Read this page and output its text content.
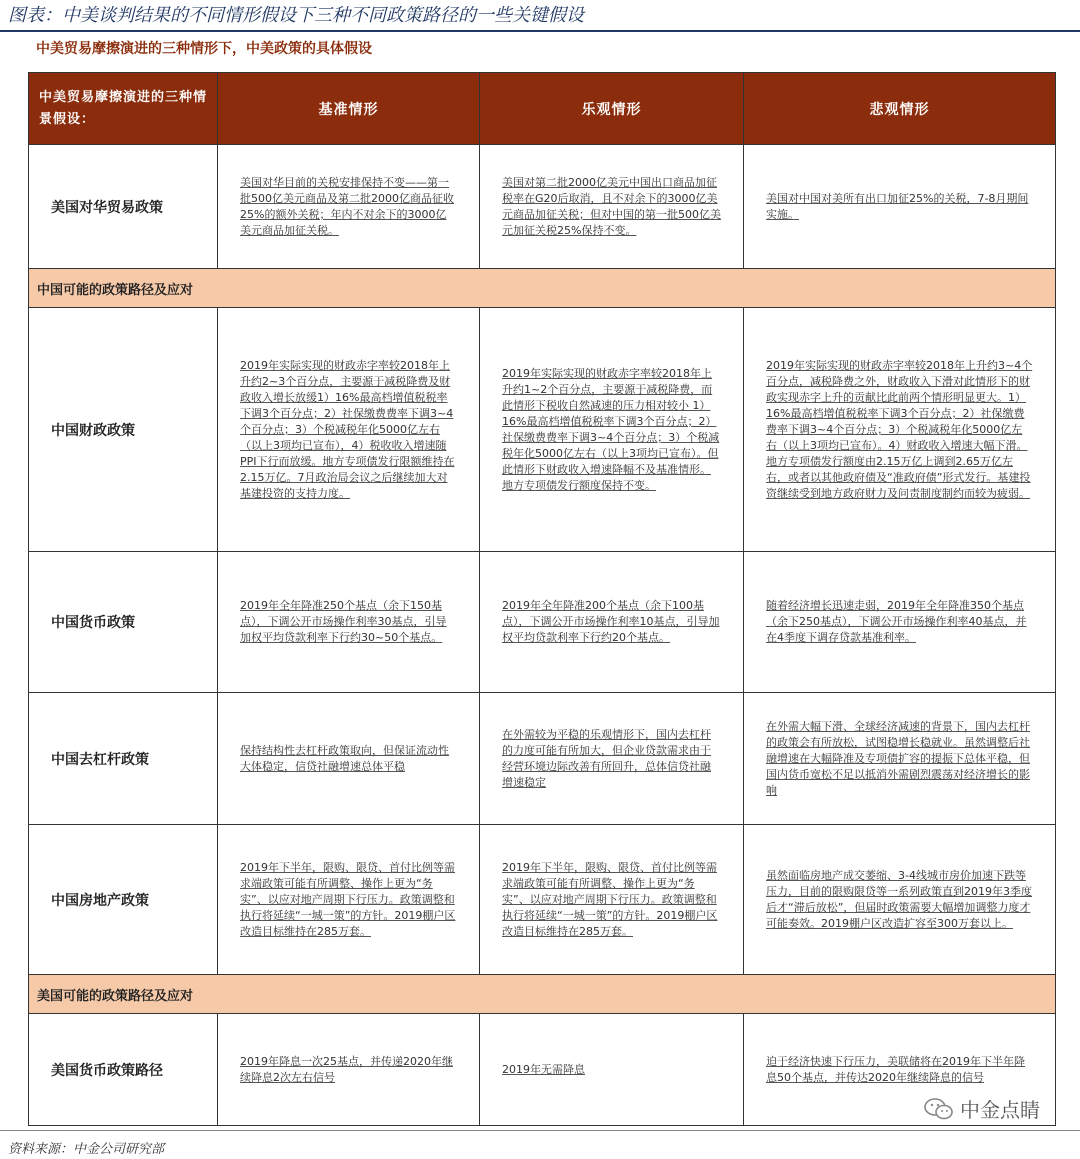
图表：中美谈判结果的不同情形假设下三种不同政策路径的一些关键假设
中美贸易摩擦演进的三种情形下，中美政策的具体假设
中美贸易摩擦演进的三种情景假设：	基准情形	乐观情形	悲观情形
美国对华贸易政策	美国对华目前的关税安排保持不变——第一批500亿美元商品及第二批2000亿商品征收25%的额外关税；年内不对余下的3000亿美元商品加征关税。	美国对第二批2000亿美元中国出口商品加征税率在G20后取消，且不对余下的3000亿美元商品加征关税；但对中国的第一批500亿美元加征关税25%保持不变。	美国对中国对美所有出口加征25%的关税，7-8月期间实施。
中国可能的政策路径及应对			
中国财政政策	2019年实际实现的财政赤字率较2018年上升约2~3个百分点，主要源于减税降费及财政收入增长放缓1）16%最高档增值税税率下调3个百分点；2）社保缴费费率下调3~4个百分点；3）个税减税年化5000亿左右（以上3项均已宣布），4）税收收入增速随PPI下行而放缓。地方专项债发行限额维持在2.15万亿。7月政治局会议之后继续加大对基建投资的支持力度。	2019年实际实现的财政赤字率较2018年上升约1~2个百分点，主要源于减税降费，而此情形下税收自然减速的压力相对较小 1）16%最高档增值税税率下调3个百分点；2）社保缴费费率下调3~4个百分点；3）个税减税年化5000亿左右（以上3项均已宣布）。但此情形下财政收入增速降幅不及基准情形。地方专项债发行额度保持不变。	2019年实际实现的财政赤字率较2018年上升约3~4个百分点，减税降费之外，财政收入下滑对此情形下的财政实现赤字上升的贡献比此前两个情形明显更大。1）16%最高档增值税税率下调3个百分点；2）社保缴费费率下调3~4个百分点；3）个税减税年化5000亿左右（以上3项均已宣布）。4）财政收入增速大幅下滑。地方专项债发行额度由2.15万亿上调到2.65万亿左右，或者以其他政府债及“准政府债”形式发行。基建投资继续受到地方政府财力及问责制度制约而较为疲弱。
中国货币政策	2019年全年降准250个基点（余下150基点），下调公开市场操作利率30基点，引导加权平均贷款利率下行约30~50个基点。	2019年全年降准200个基点（余下100基点），下调公开市场操作利率10基点，引导加权平均贷款利率下行约20个基点。	随着经济增长迅速走弱，2019年全年降准350个基点（余下250基点），下调公开市场操作利率40基点，并在4季度下调存贷款基准利率。
中国去杠杆政策	保持结构性去杠杆政策取向，但保证流动性大体稳定，信贷社融增速总体平稳	在外需较为平稳的乐观情形下，国内去杠杆的力度可能有所加大，但企业贷款需求由于经营环境边际改善有所回升，总体信贷社融增速稳定	在外需大幅下滑、全球经济减速的背景下，国内去杠杆的政策会有所放松，试图稳增长稳就业。虽然调整后社融增速在大幅降准及专项债扩容的提振下总体平稳，但国内货币宽松不足以抵消外需剧烈震荡对经济增长的影响
中国房地产政策	2019年下半年，限购、限贷、首付比例等需求端政策可能有所调整、操作上更为“务实”、以应对地产周期下行压力。政策调整和执行将延续“一城一策”的方针。2019棚户区改造目标维持在285万套。	2019年下半年，限购、限贷、首付比例等需求端政策可能有所调整、操作上更为“务实”、以应对地产周期下行压力。政策调整和执行将延续“一城一策”的方针。2019棚户区改造目标维持在285万套。	虽然面临房地产成交萎缩、3-4线城市房价加速下跌等压力，目前的限购限贷等一系列政策直到2019年3季度后才“滞后放松”，但届时政策需要大幅增加调整力度才可能奏效。2019棚户区改造扩容至300万套以上。
美国可能的政策路径及应对			
美国货币政策路径	2019年降息一次25基点，并传递2020年继续降息2次左右信号	2019年无需降息	迫于经济快速下行压力，美联储将在2019年下半年降息50个基点，并传达2020年继续降息的信号
中金点睛
资料来源：中金公司研究部
